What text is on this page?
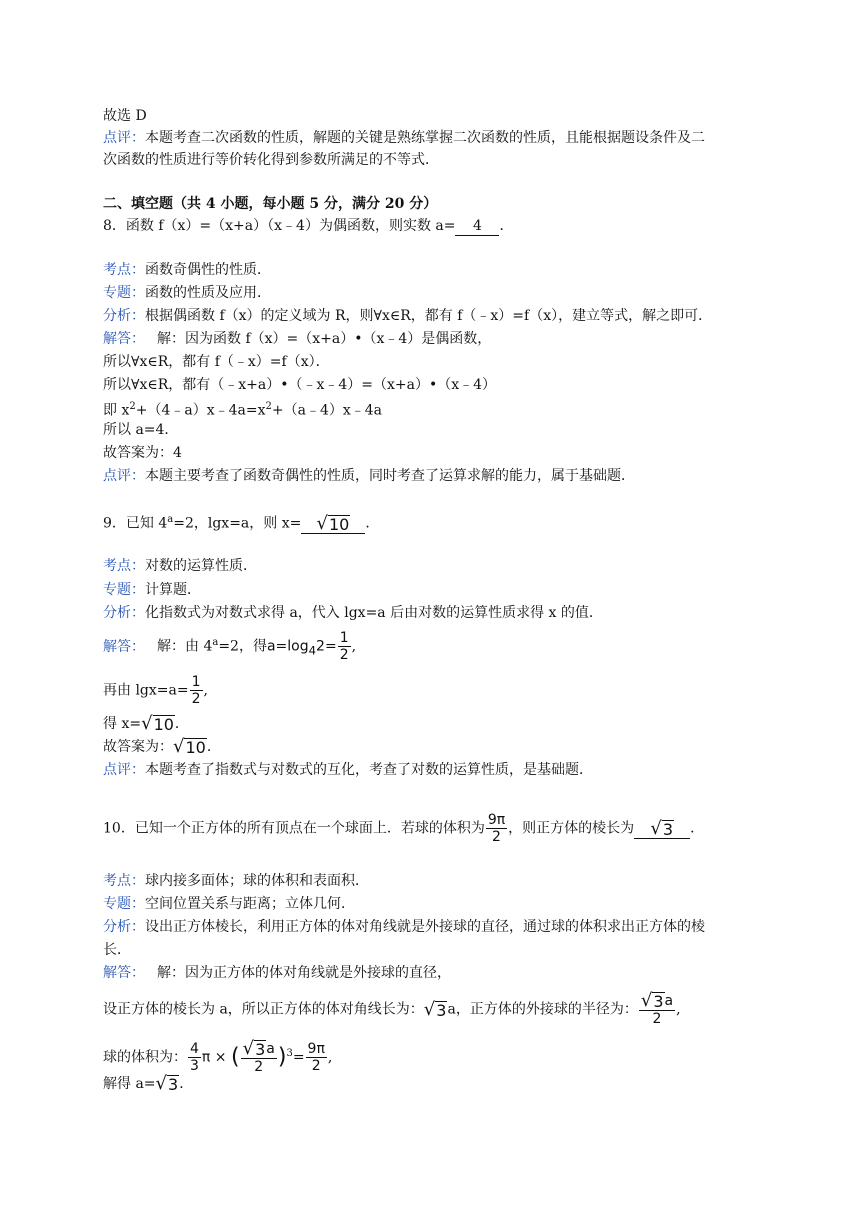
故选 D
点评：本题考查二次函数的性质，解题的关键是熟练掌握二次函数的性质，且能根据题设条件及二
次函数的性质进行等价转化得到参数所满足的不等式．
二、填空题（共 4 小题，每小题 5 分，满分 20 分）
8．函数 f（x）=（x+a）（x﹣4）为偶函数，则实数 a= 4 ．
考点：函数奇偶性的性质．
专题：函数的性质及应用．
分析：根据偶函数 f（x）的定义域为 R，则∀x∈R，都有 f（﹣x）=f（x），建立等式，解之即可．
解答： 解：因为函数 f（x）=（x+a）•（x﹣4）是偶函数，
所以∀x∈R，都有 f（﹣x）=f（x）．
所以∀x∈R，都有（﹣x+a）•（﹣x﹣4）=（x+a）•（x﹣4）
即 $x^2+(4﹣a)x﹣4a=x^2+(a﹣4)x﹣4a$
所以 a=4．
故答案为：4
点评：本题主要考查了函数奇偶性的性质，同时考查了运算求解的能力，属于基础题．
9．已知 $4^a=2$，lgx=a，则 x= √ 10 ．
考点：对数的运算性质．
专题：计算题．
分析：化指数式为对数式求得 a，代入 lgx=a 后由对数的运算性质求得 x 的值．
解答： 解：由 $4^a=2$，得$a=\log_42= \frac{1}{2}$ ,
再由 $\lg x=a= \frac{1}{2}$ ,
得 x= √ 10 ．
故答案为： √ 10 ．
点评：本题考查了指数式与对数式的互化，考查了对数的运算性质，是基础题．
10．已知一个正方体的所有顶点在一个球面上．若球的体积为 $\frac{9\pi}{2}$ ，则正方体的棱长为 √ 3 ．
考点：球内接多面体；球的体积和表面积．
专题：空间位置关系与距离；立体几何．
分析：设出正方体棱长，利用正方体的体对角线就是外接球的直径，通过球的体积求出正方体的棱
长．
解答： 解：因为正方体的体对角线就是外接球的直径，
设正方体的棱长为 a，所以正方体的体对角线长为： √ 3 a，正方体的外接球的半径为： $\frac{√ 3 a}{2}$ ,
球的体积为： $\frac{4}{3}$ π × ( $\frac{√ 3 a}{2} )^3= \frac{9\pi}{2}$ ,
解得 a= √ 3 ．
